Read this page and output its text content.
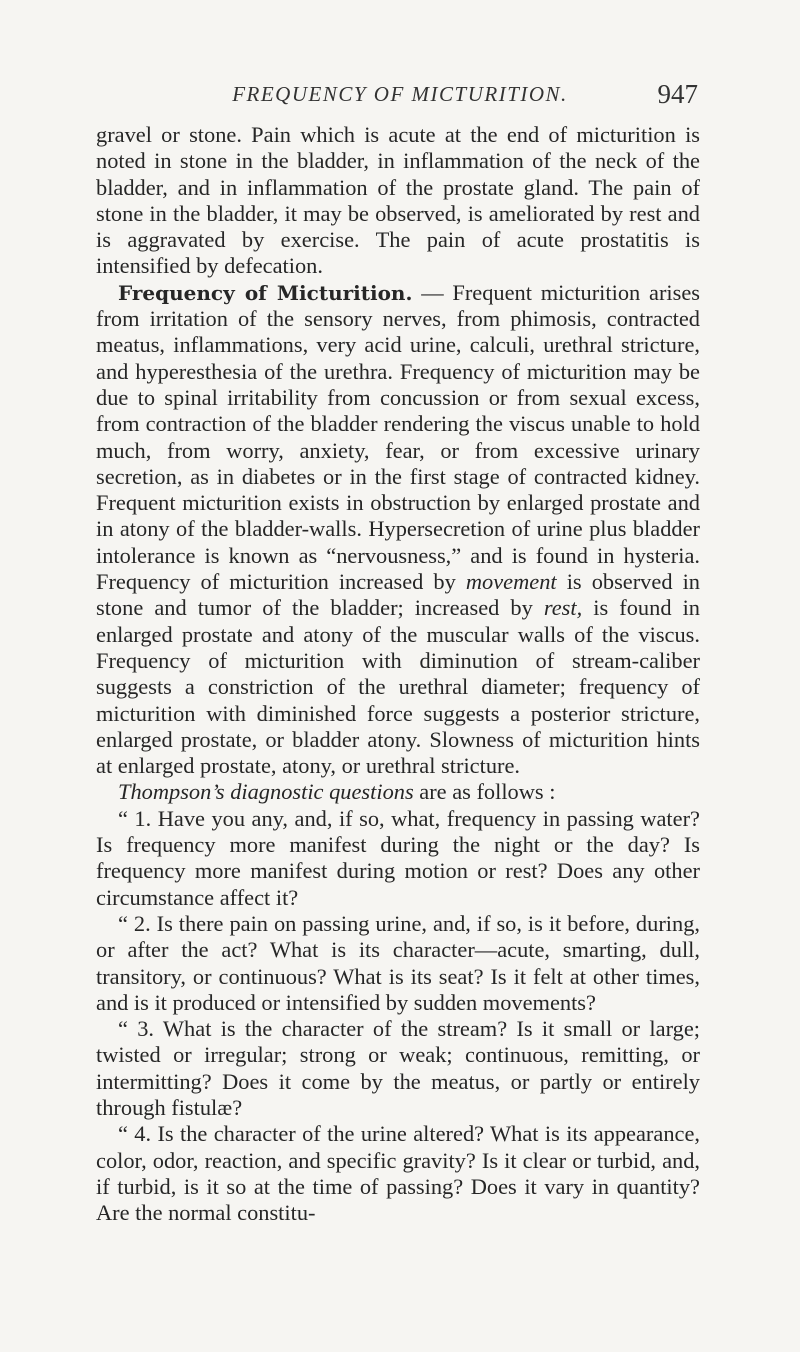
FREQUENCY OF MICTURITION.	947

gravel or stone. Pain which is acute at the end of micturition is noted in stone in the bladder, in inflammation of the neck of the bladder, and in inflammation of the prostate gland. The pain of stone in the bladder, it may be observed, is ameliorated by rest and is aggravated by exercise. The pain of acute prostatitis is intensified by defecation.

Frequency of Micturition. — Frequent micturition arises from irritation of the sensory nerves, from phimosis, contracted meatus, inflammations, very acid urine, calculi, urethral stricture, and hyperesthesia of the urethra. Frequency of micturition may be due to spinal irritability from concussion or from sexual excess, from contraction of the bladder rendering the viscus unable to hold much, from worry, anxiety, fear, or from excessive urinary secretion, as in diabetes or in the first stage of contracted kidney. Frequent micturition exists in obstruction by enlarged prostate and in atony of the bladder-walls. Hypersecretion of urine plus bladder intolerance is known as “nervousness,” and is found in hysteria. Frequency of micturition increased by movement is observed in stone and tumor of the bladder; increased by rest, is found in enlarged prostate and atony of the muscular walls of the viscus. Frequency of micturition with diminution of stream-caliber suggests a constriction of the urethral diameter; frequency of micturition with diminished force suggests a posterior stricture, enlarged prostate, or bladder atony. Slowness of micturition hints at enlarged prostate, atony, or urethral stricture.

Thompson’s diagnostic questions are as follows :

“ 1. Have you any, and, if so, what, frequency in passing water? Is frequency more manifest during the night or the day? Is frequency more manifest during motion or rest? Does any other circumstance affect it?

“ 2. Is there pain on passing urine, and, if so, is it before, during, or after the act? What is its character—acute, smarting, dull, transitory, or continuous? What is its seat? Is it felt at other times, and is it produced or intensified by sudden movements?

“ 3. What is the character of the stream? Is it small or large; twisted or irregular; strong or weak; continuous, remitting, or intermitting? Does it come by the meatus, or partly or entirely through fistulæ?

“ 4. Is the character of the urine altered? What is its appearance, color, odor, reaction, and specific gravity? Is it clear or turbid, and, if turbid, is it so at the time of passing? Does it vary in quantity? Are the normal constitu-
